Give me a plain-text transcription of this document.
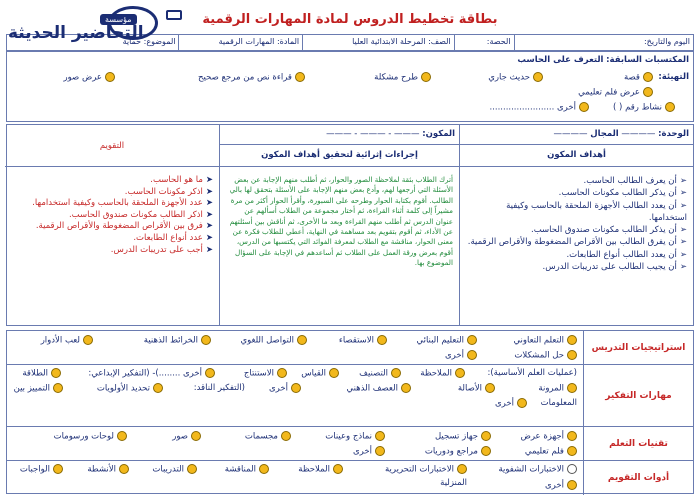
مؤسسة
التحاضير الحديثة
بطاقة تخطيط الدروس لمادة المهارات الرقمية
اليوم والتاريخ:
الحصة:
الصف: المرحلة الابتدائية العليا
المادة: المهارات الرقمية
الموضوع: حماية
المكتسبات السابقة: التعرف على الحاسب
التهيئة:
قصة
حديث جاري
طرح مشكلة
قراءة نص من مرجع صحيح
عرض صور
عرض فلم تعليمي
أخرى ........................	نشاط رقم ( )
الوحدة: ———— المجال ————
أهداف المكون
➢أن يعرف الطالب الحاسب.
➢أن يذكر الطالب مكونات الحاسب.
➢أن يعدد الطالب الأجهزة الملحقة بالحاسب وكيفية استخدامها.
➢أن يذكر الطالب مكونات صندوق الحاسب.
➢أن يفرق الطالب بين الأقراص المضغوطة والأقراص الرقمية.
➢أن يعدد الطالب أنواع الطابعات.
➢أن يجيب الطالب على تدريبات الدرس.
المكون: ——— - ——— - ———
إجراءات إثرائية لتحقيق أهداف المكون
أترك الطلاب بثقة لملاحظة الصور والحوار، ثم أطلب منهم الإجابة عن بعض الأسئلة التي أرجعها لهم، وأدع بعض منهم الإجابة على الأسئلة بتحقق لها بالي الطالب. أقوم بكتابة الحوار وطرحه على السبورة، وأقرأ الحوار أكثر من مرة مشيراً إلى كلمة أثناء القراءة، ثم أختار مجموعة من الطلاب أسألهم عن عنوان الدرس ثم أطلب منهم القراءة وبعد ما الأخرى، ثم أناقش بين أسئلتهم عن الأداء، ثم أقوم بتقويم بعد مساهمة في النهاية، أعطي للطلاب فكرة عن معنى الحوار، مناقشة مع الطلاب لمعرفة الفوائد التي يكتسبها من الدرس، أقوم بعرض ورقة العمل على الطلاب ثم أساعدهم في الإجابة على السؤال الموضوع بها.
التقويم
➤ما هو الحاسب.
➤اذكر مكونات الحاسب.
➤عدد الأجهزة الملحقة بالحاسب وكيفية استخدامها.
➤اذكر الطالب مكونات صندوق الحاسب.
➤فرق بين الأقراص المضغوطة والأقراص الرقمية.
➤عدد أنواع الطابعات.
➤أجب على تدريبات الدرس.
استراتيجيات التدريس
التعلم التعاوني
التعليم البنائي
الاستقصاء
التواصل اللغوي
الخرائط الذهنية
لعب الأدوار
حل المشكلات
أخرى
مهارات التفكير
(عمليات العلم الأساسية):
الملاحظة
التصنيف
القياس
الاستنتاج
أخرى ........)- (التفكير الإبداعي:
الطلاقة
المرونة
الأصالة
العصف الذهني
أخرى
(التفكير الناقد:
تحديد الأولويات
التمييز بين
المعلومات
أخرى
تقنيات التعلم
أجهزة عرض
جهاز تسجيل
نماذج وعينات
مجسمات
صور
لوحات ورسومات
فلم تعليمي
مراجع ودوريات
أخرى
أدوات التقويم
الاختبارات الشفوية
الاختبارات التحريرية
الملاحظة
المناقشة
التدريبات
الأنشطة
الواجبات
المنزلية	أخرى
